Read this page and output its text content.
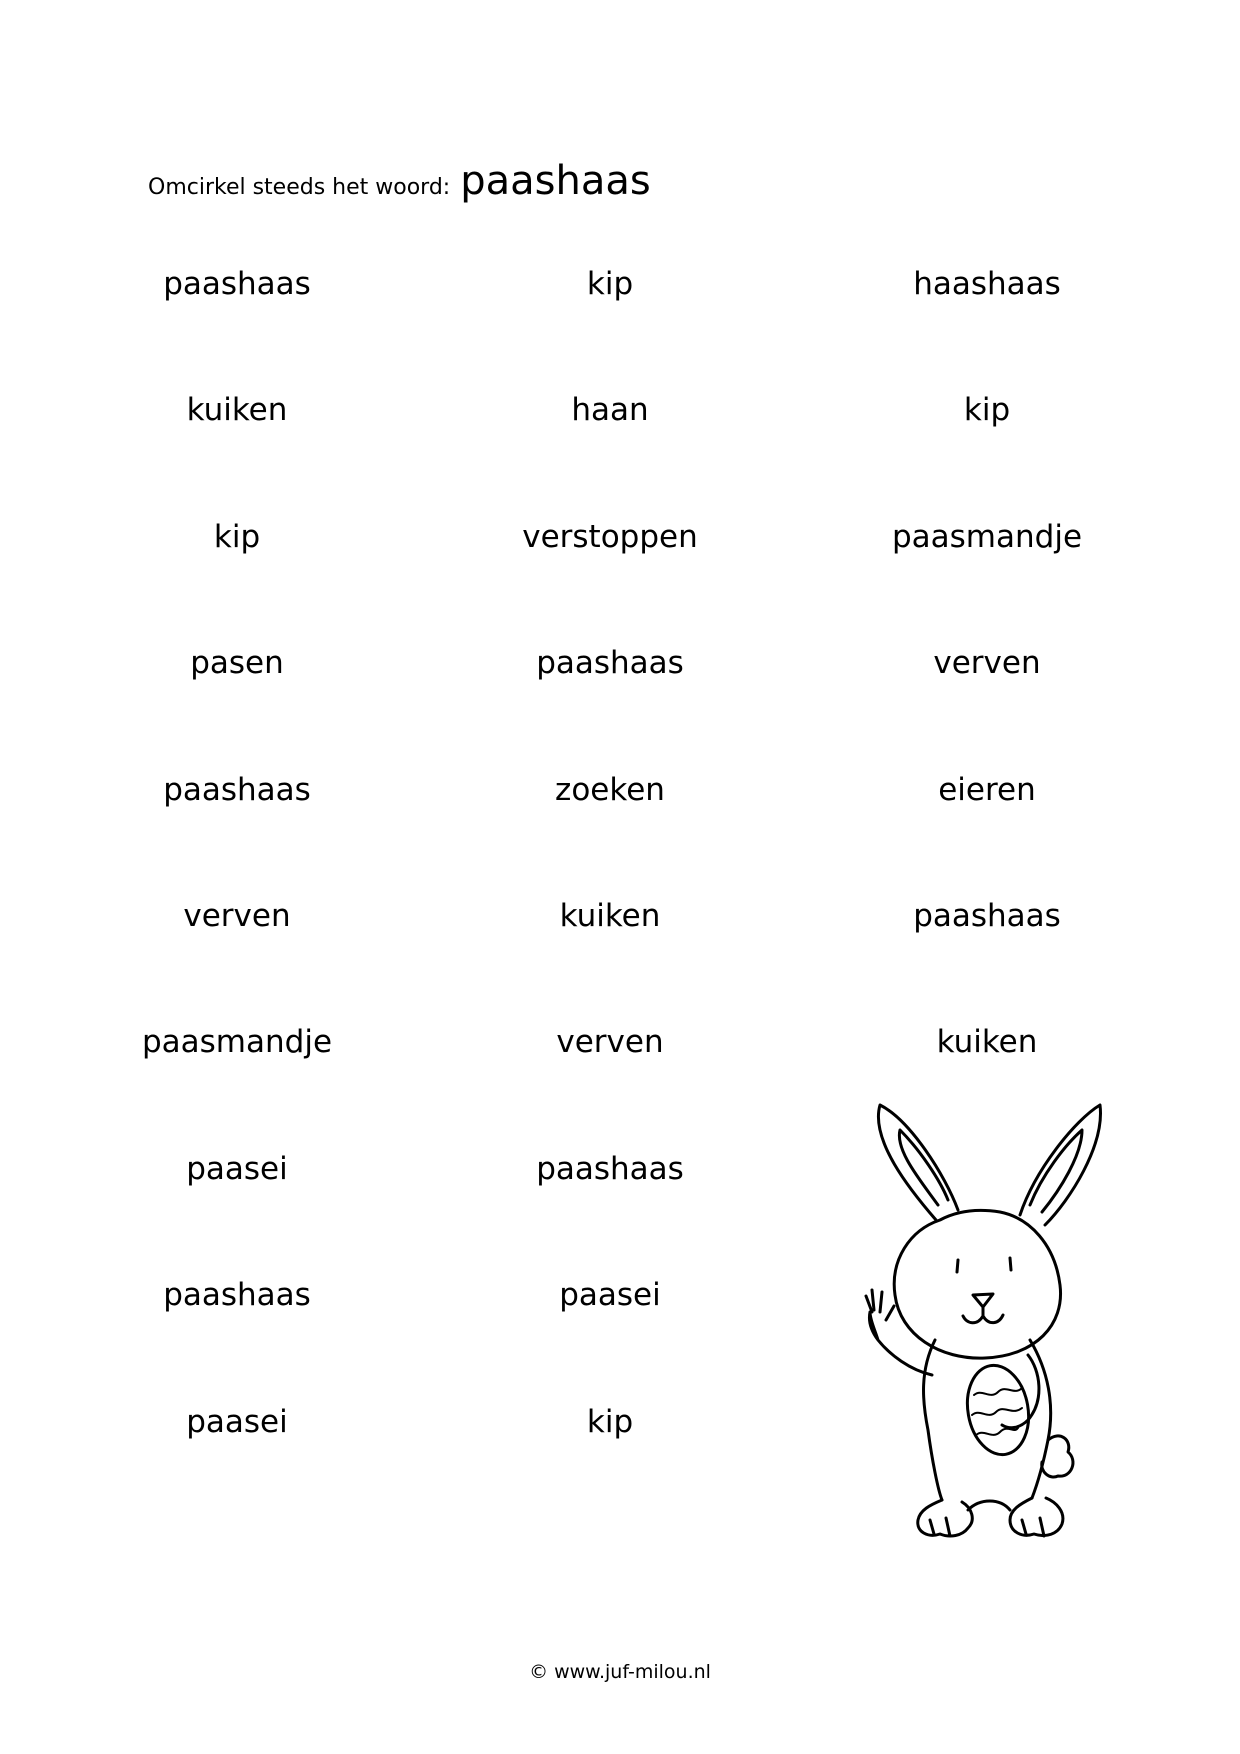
Omcirkel steeds het woord: paashaas
paashaas	kip	haashaas
kuiken	haan	kip
kip	verstoppen	paasmandje
pasen	paashaas	verven
paashaas	zoeken	eieren
verven	kuiken	paashaas
paasmandje	verven	kuiken
paasei	paashaas
paashaas	paasei
paasei	kip
© www.juf-milou.nl
